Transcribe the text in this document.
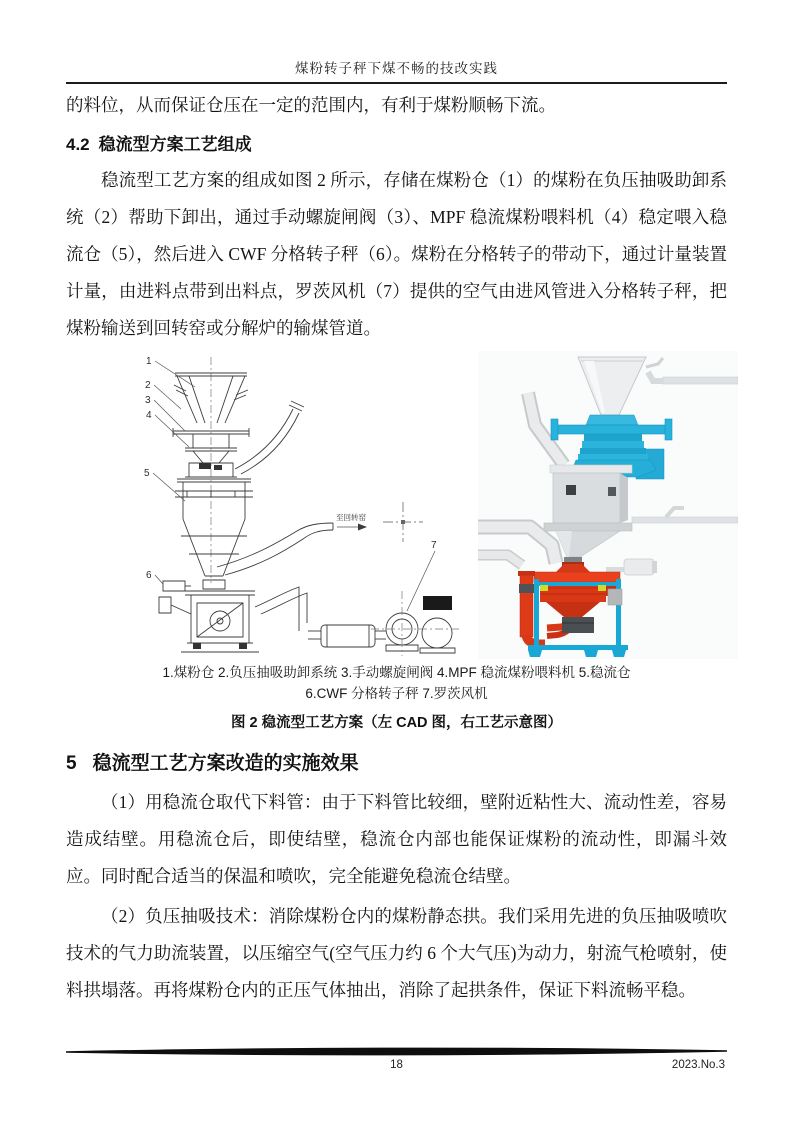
煤粉转子秤下煤不畅的技改实践

的料位，从而保证仓压在一定的范围内，有利于煤粉顺畅下流。

4.2 稳流型方案工艺组成

稳流型工艺方案的组成如图 2 所示，存储在煤粉仓（1）的煤粉在负压抽吸助卸系统（2）帮助下卸出，通过手动螺旋闸阀（3）、MPF 稳流煤粉喂料机（4）稳定喂入稳流仓（5），然后进入 CWF 分格转子秤（6）。煤粉在分格转子的带动下，通过计量装置计量，由进料点带到出料点，罗茨风机（7）提供的空气由进风管进入分格转子秤，把煤粉输送到回转窑或分解炉的输煤管道。

至回转窑
1
2
3
4
5
6
7
1.煤粉仓 2.负压抽吸助卸系统 3.手动螺旋闸阀 4.MPF 稳流煤粉喂料机 5.稳流仓
6.CWF 分格转子秤 7.罗茨风机
图 2 稳流型工艺方案（左 CAD 图，右工艺示意图）
5 稳流型工艺方案改造的实施效果

（1）用稳流仓取代下料管：由于下料管比较细，壁附近粘性大、流动性差，容易造成结壁。用稳流仓后，即使结壁，稳流仓内部也能保证煤粉的流动性，即漏斗效应。同时配合适当的保温和喷吹，完全能避免稳流仓结壁。

（2）负压抽吸技术：消除煤粉仓内的煤粉静态拱。我们采用先进的负压抽吸喷吹技术的气力助流装置，以压缩空气(空气压力约 6 个大气压)为动力，射流气枪喷射，使料拱塌落。再将煤粉仓内的正压气体抽出，消除了起拱条件，保证下料流畅平稳。

18	2023.No.3
